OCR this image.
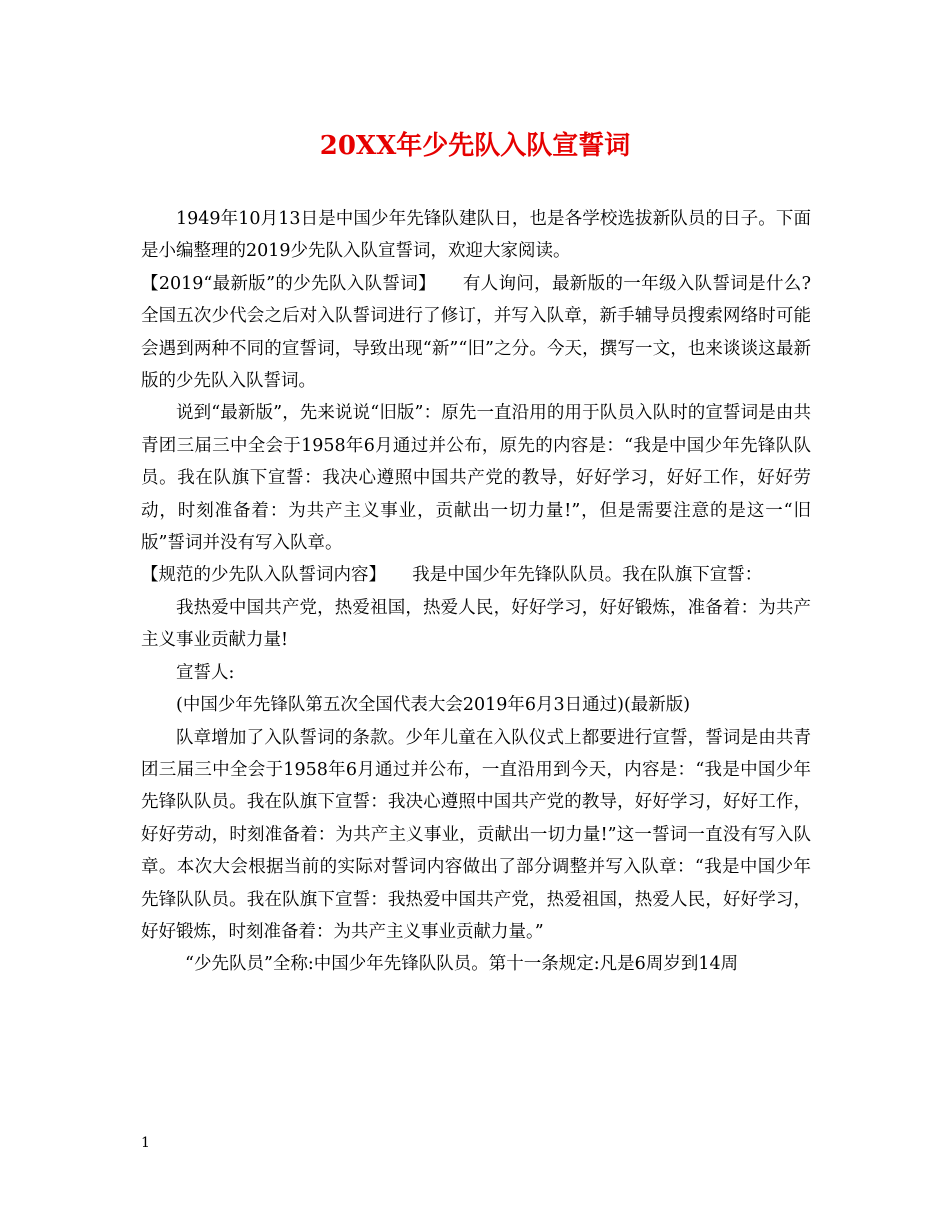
20XX年少先队入队宣誓词

1949年10月13日是中国少年先锋队建队日，也是各学校选拔新队员的日子。下面是小编整理的2019少先队入队宣誓词，欢迎大家阅读。

【2019“最新版”的少先队入队誓词】　　有人询问，最新版的一年级入队誓词是什么?全国五次少代会之后对入队誓词进行了修订，并写入队章，新手辅导员搜索网络时可能会遇到两种不同的宣誓词，导致出现“新”“旧”之分。今天，撰写一文，也来谈谈这最新版的少先队入队誓词。

说到“最新版”，先来说说“旧版”：原先一直沿用的用于队员入队时的宣誓词是由共青团三届三中全会于1958年6月通过并公布，原先的内容是：“我是中国少年先锋队队员。我在队旗下宣誓：我决心遵照中国共产党的教导，好好学习，好好工作，好好劳动，时刻准备着：为共产主义事业，贡献出一切力量!”，但是需要注意的是这一“旧版”誓词并没有写入队章。

【规范的少先队入队誓词内容】　　我是中国少年先锋队队员。我在队旗下宣誓：

我热爱中国共产党，热爱祖国，热爱人民，好好学习，好好锻炼，准备着：为共产主义事业贡献力量!

宣誓人:

(中国少年先锋队第五次全国代表大会2019年6月3日通过)(最新版)

队章增加了入队誓词的条款。少年儿童在入队仪式上都要进行宣誓，誓词是由共青团三届三中全会于1958年6月通过并公布，一直沿用到今天，内容是：“我是中国少年先锋队队员。我在队旗下宣誓：我决心遵照中国共产党的教导，好好学习，好好工作，好好劳动，时刻准备着：为共产主义事业，贡献出一切力量!”这一誓词一直没有写入队章。本次大会根据当前的实际对誓词内容做出了部分调整并写入队章：“我是中国少年先锋队队员。我在队旗下宣誓：我热爱中国共产党，热爱祖国，热爱人民，好好学习，好好锻炼，时刻准备着：为共产主义事业贡献力量。”

“少先队员”全称:中国少年先锋队队员。第十一条规定:凡是6周岁到14周

1
